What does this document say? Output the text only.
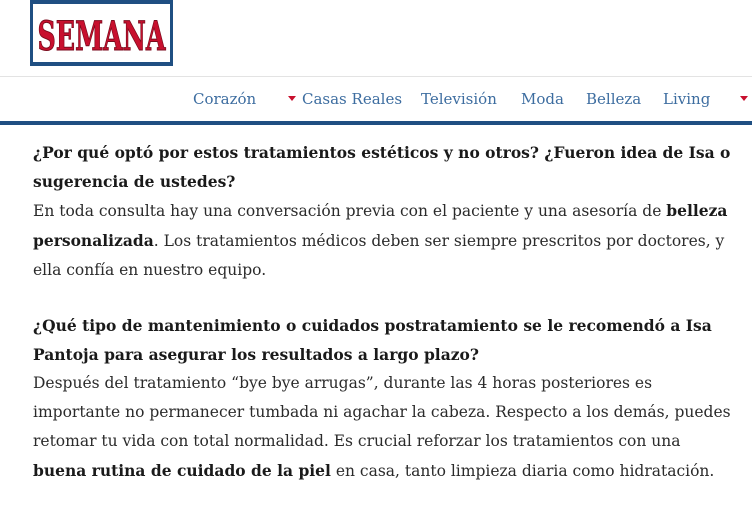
SEMANA
Corazón	Casas Reales Televisión Moda Belleza Living

¿Por qué optó por estos tratamientos estéticos y no otros? ¿Fueron idea de Isa o sugerencia de ustedes?

En toda consulta hay una conversación previa con el paciente y una asesoría de belleza personalizada. Los tratamientos médicos deben ser siempre prescritos por doctores, y ella confía en nuestro equipo.

¿Qué tipo de mantenimiento o cuidados postratamiento se le recomendó a Isa Pantoja para asegurar los resultados a largo plazo?

Después del tratamiento “bye bye arrugas”, durante las 4 horas posteriores es importante no permanecer tumbada ni agachar la cabeza. Respecto a los demás, puedes retomar tu vida con total normalidad. Es crucial reforzar los tratamientos con una buena rutina de cuidado de la piel en casa, tanto limpieza diaria como hidratación.
